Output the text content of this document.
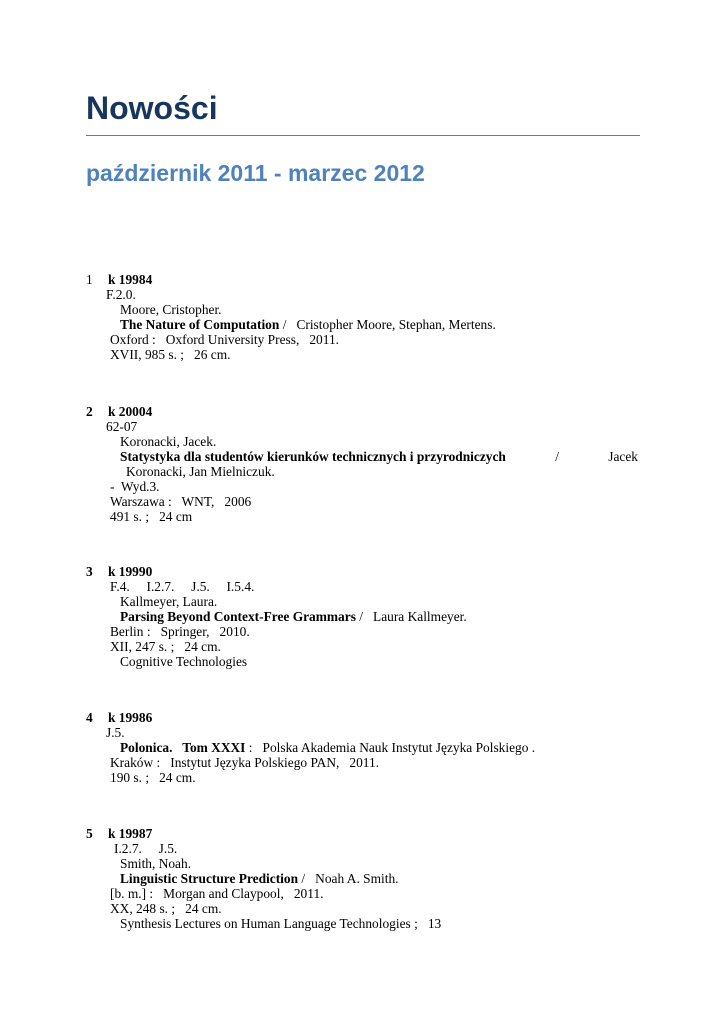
Nowości
październik 2011 - marzec 2012
1 k 19984
F.2.0.
Moore, Cristopher.
The Nature of Computation /   Cristopher Moore, Stephan, Mertens.
Oxford :   Oxford University Press,   2011.
XVII, 985 s. ;   26 cm.
2 k 20004
62-07
Koronacki, Jacek.
Statystyka dla studentów kierunków technicznych i przyrodniczych	/	Jacek
Koronacki, Jan Mielniczuk.
-  Wyd.3.
Warszawa :   WNT,   2006
491 s. ;   24 cm
3 k 19990
F.4.     I.2.7.     J.5.     I.5.4.
Kallmeyer, Laura.
Parsing Beyond Context-Free Grammars /   Laura Kallmeyer.
Berlin :   Springer,   2010.
XII, 247 s. ;   24 cm.
Cognitive Technologies
4 k 19986
J.5.
Polonica.   Tom XXXI :   Polska Akademia Nauk Instytut Języka Polskiego .
Kraków :   Instytut Języka Polskiego PAN,   2011.
190 s. ;   24 cm.
5 k 19987
I.2.7.     J.5.
Smith, Noah.
Linguistic Structure Prediction /   Noah A. Smith.
[b. m.] :   Morgan and Claypool,   2011.
XX, 248 s. ;   24 cm.
Synthesis Lectures on Human Language Technologies ;   13
